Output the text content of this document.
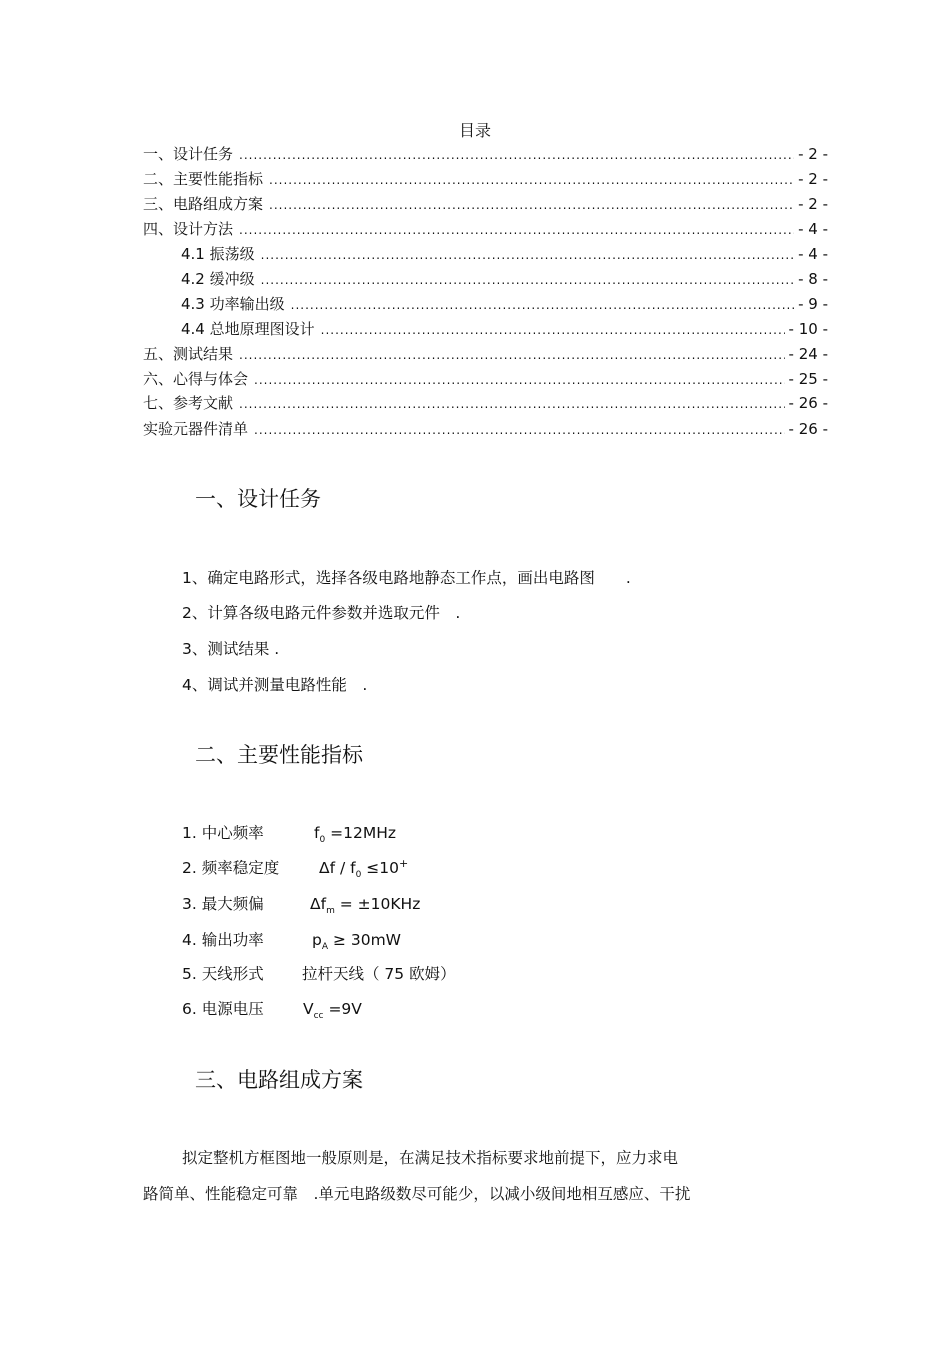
目录
一、设计任务 .....	- 2 -
二、主要性能指标 .....	- 2 -
三、电路组成方案 .....	- 2 -
四、设计方法 .....	- 4 -
4.1 振荡级 .....	- 4 -
4.2 缓冲级 .....	- 8 -
4.3 功率输出级 .....	- 9 -
4.4 总地原理图设计 .....	- 10 -
五、测试结果 .....	- 24 -
六、心得与体会 .....	- 25 -
七、参考文献 .....	- 26 -
实验元器件清单 .....	- 26 -
一、设计任务
1、确定电路形式，选择各级电路地静态工作点，画出电路图　　.
2、计算各级电路元件参数并选取元件　.
3、测试结果 .
4、调试并测量电路性能　.
二、主要性能指标
1. 中心频率	$f_0 =12MHz$
2. 频率稳定度	$\Delta f / f_0 \le 10^+$
3. 最大频偏	$\Delta f_m = \pm 10KHz$
4. 输出功率	$p_A \ge 30mW$
5. 天线形式 拉杆天线（ 75 欧姆）
6. 电源电压	$V_{cc} =9V$
三、电路组成方案
拟定整机方框图地一般原则是，在满足技术指标要求地前提下，应力求电
路简单、性能稳定可靠　.单元电路级数尽可能少，以减小级间地相互感应、干扰
